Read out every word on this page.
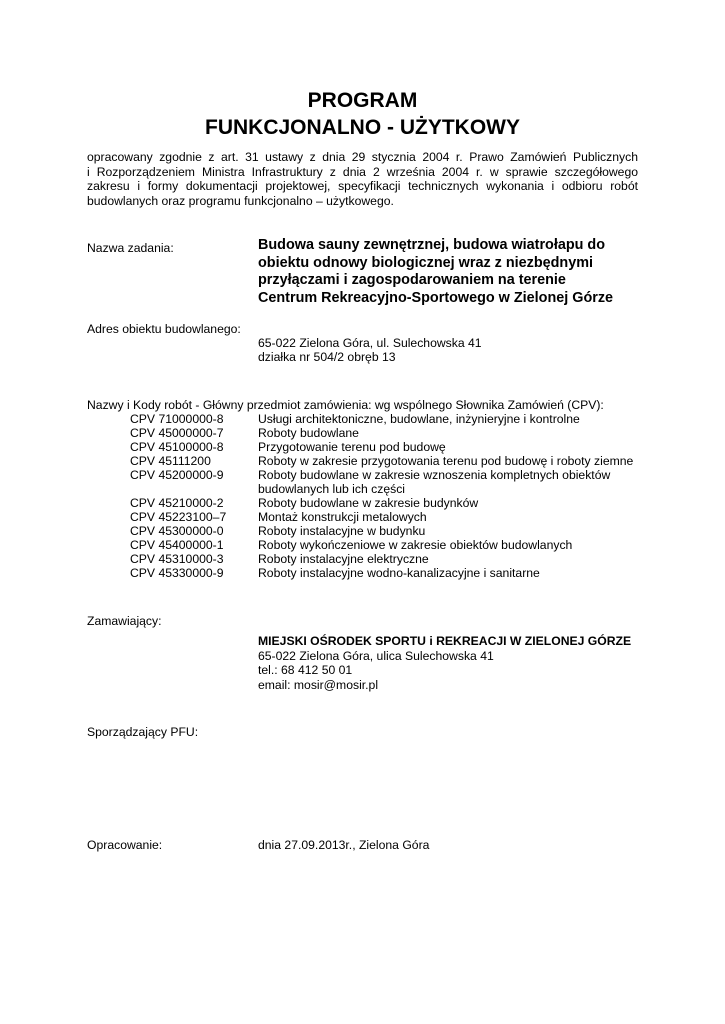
PROGRAM
FUNKCJONALNO - UŻYTKOWY
opracowany zgodnie z art. 31 ustawy z dnia 29 stycznia 2004 r. Prawo Zamówień Publicznych
i Rozporządzeniem Ministra Infrastruktury z dnia 2 września 2004 r. w sprawie szczegółowego
zakresu i formy dokumentacji projektowej, specyfikacji technicznych wykonania i odbioru robót
budowlanych oraz programu funkcjonalno – użytkowego.
Nazwa zadania:	Budowa sauny zewnętrznej, budowa wiatrołapu do
obiektu odnowy biologicznej wraz z niezbędnymi
przyłączami i zagospodarowaniem na terenie
Centrum Rekreacyjno-Sportowego w Zielonej Górze
Adres obiektu budowlanego:
65-022 Zielona Góra, ul. Sulechowska 41
działka nr 504/2 obręb 13
Nazwy i Kody robót - Główny przedmiot zamówienia: wg wspólnego Słownika Zamówień (CPV):
CPV 71000000-8	Usługi architektoniczne, budowlane, inżynieryjne i kontrolne
CPV 45000000-7	Roboty budowlane
CPV 45100000-8	Przygotowanie terenu pod budowę
CPV 45111200	Roboty w zakresie przygotowania terenu pod budowę i roboty ziemne
CPV 45200000-9	Roboty budowlane w zakresie wznoszenia kompletnych obiektów
budowlanych lub ich części
CPV 45210000-2	Roboty budowlane w zakresie budynków
CPV 45223100–7	Montaż konstrukcji metalowych
CPV 45300000-0	Roboty instalacyjne w budynku
CPV 45400000-1	Roboty wykończeniowe w zakresie obiektów budowlanych
CPV 45310000-3	Roboty instalacyjne elektryczne
CPV 45330000-9	Roboty instalacyjne wodno-kanalizacyjne i sanitarne
Zamawiający:
MIEJSKI OŚRODEK SPORTU i REKREACJI W ZIELONEJ GÓRZE
65-022 Zielona Góra, ulica Sulechowska 41
tel.: 68 412 50 01
email: mosir@mosir.pl
Sporządzający PFU:
Opracowanie:	dnia 27.09.2013r., Zielona Góra
